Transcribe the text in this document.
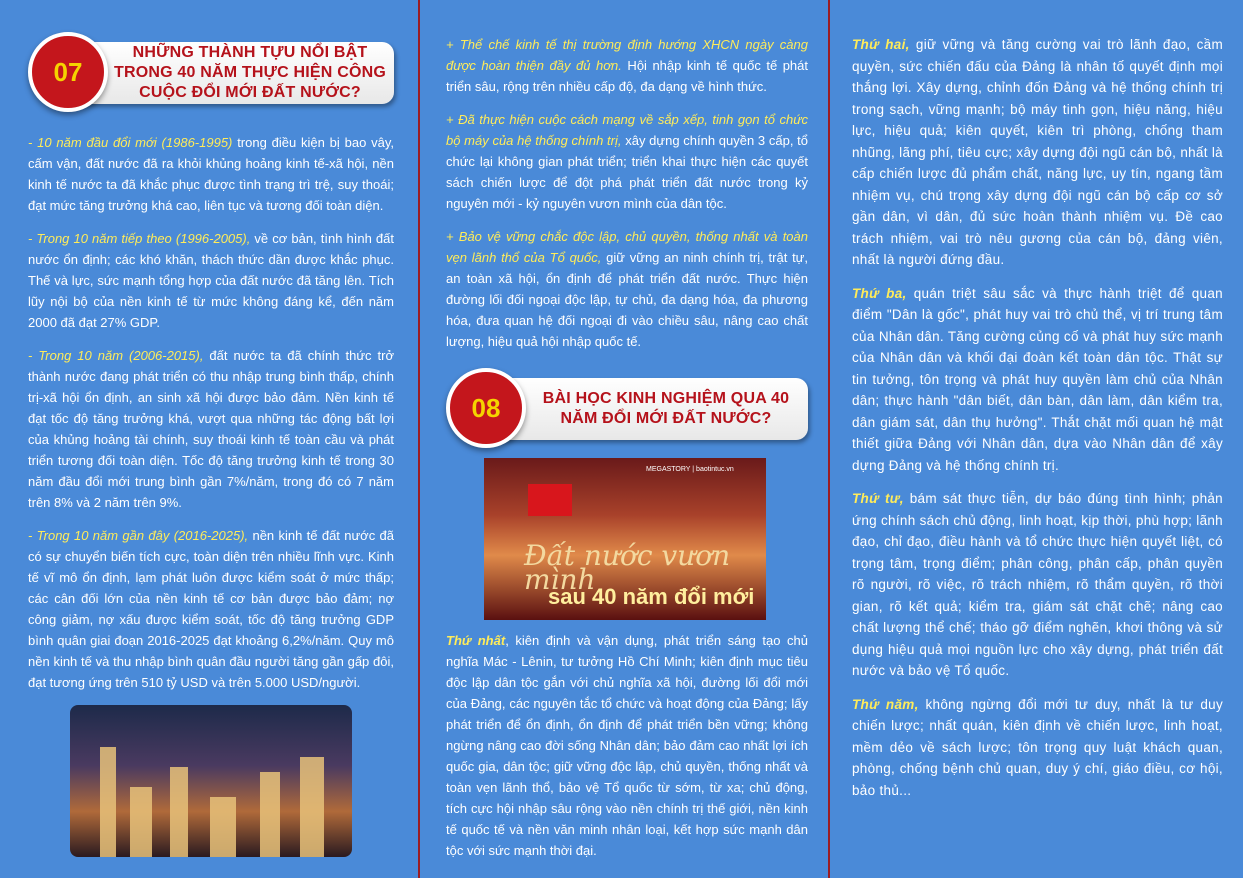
NHỮNG THÀNH TỰU NỔI BẬT TRONG 40 NĂM THỰC HIỆN CÔNG CUỘC ĐỔI MỚI ĐẤT NƯỚC?
07

- 10 năm đầu đổi mới (1986-1995) trong điều kiện bị bao vây, cấm vận, đất nước đã ra khỏi khủng hoảng kinh tế-xã hội, nền kinh tế nước ta đã khắc phục được tình trạng trì trệ, suy thoái; đạt mức tăng trưởng khá cao, liên tục và tương đối toàn diện.

- Trong 10 năm tiếp theo (1996-2005), về cơ bản, tình hình đất nước ổn định; các khó khăn, thách thức dần được khắc phục. Thế và lực, sức mạnh tổng hợp của đất nước đã tăng lên. Tích lũy nội bộ của nền kinh tế từ mức không đáng kể, đến năm 2000 đã đạt 27% GDP.

- Trong 10 năm (2006-2015), đất nước ta đã chính thức trở thành nước đang phát triển có thu nhập trung bình thấp, chính trị-xã hội ổn định, an sinh xã hội được bảo đảm. Nền kinh tế đạt tốc độ tăng trưởng khá, vượt qua những tác động bất lợi của khủng hoảng tài chính, suy thoái kinh tế toàn cầu và phát triển tương đối toàn diện. Tốc độ tăng trưởng kinh tế trong 30 năm đầu đổi mới trung bình gần 7%/năm, trong đó có 7 năm trên 8% và 2 năm trên 9%.

- Trong 10 năm gần đây (2016-2025), nền kinh tế đất nước đã có sự chuyển biến tích cực, toàn diện trên nhiều lĩnh vực. Kinh tế vĩ mô ổn định, lạm phát luôn được kiểm soát ở mức thấp; các cân đối lớn của nền kinh tế cơ bản được bảo đảm; nợ công giảm, nợ xấu được kiểm soát, tốc độ tăng trưởng GDP bình quân giai đoạn 2016-2025 đạt khoảng 6,2%/năm. Quy mô nền kinh tế và thu nhập bình quân đầu người tăng gần gấp đôi, đạt tương ứng trên 510 tỷ USD và trên 5.000 USD/người.

+ Thể chế kinh tế thị trường định hướng XHCN ngày càng được hoàn thiện đầy đủ hơn. Hội nhập kinh tế quốc tế phát triển sâu, rộng trên nhiều cấp độ, đa dạng về hình thức.

+ Đã thực hiện cuộc cách mạng về sắp xếp, tinh gọn tổ chức bộ máy của hệ thống chính trị, xây dựng chính quyền 3 cấp, tổ chức lại không gian phát triển; triển khai thực hiện các quyết sách chiến lược để đột phá phát triển đất nước trong kỷ nguyên mới - kỷ nguyên vươn mình của dân tộc.

+ Bảo vệ vững chắc độc lập, chủ quyền, thống nhất và toàn vẹn lãnh thổ của Tổ quốc, giữ vững an ninh chính trị, trật tự, an toàn xã hội, ổn định để phát triển đất nước. Thực hiện đường lối đối ngoại độc lập, tự chủ, đa dạng hóa, đa phương hóa, đưa quan hệ đối ngoại đi vào chiều sâu, nâng cao chất lượng, hiệu quả hội nhập quốc tế.

BÀI HỌC KINH NGHIỆM QUA 40 NĂM ĐỔI MỚI ĐẤT NƯỚC?
08
MEGASTORY | baotintuc.vn
Đất nước vươn mình
sau 40 năm đổi mới

Thứ nhất, kiên định và vận dụng, phát triển sáng tạo chủ nghĩa Mác - Lênin, tư tưởng Hồ Chí Minh; kiên định mục tiêu độc lập dân tộc gắn với chủ nghĩa xã hội, đường lối đổi mới của Đảng, các nguyên tắc tổ chức và hoạt động của Đảng; lấy phát triển để ổn định, ổn định để phát triển bền vững; không ngừng nâng cao đời sống Nhân dân; bảo đảm cao nhất lợi ích quốc gia, dân tộc; giữ vững độc lập, chủ quyền, thống nhất và toàn vẹn lãnh thổ, bảo vệ Tổ quốc từ sớm, từ xa; chủ động, tích cực hội nhập sâu rộng vào nền chính trị thế giới, nền kinh tế quốc tế và nền văn minh nhân loại, kết hợp sức mạnh dân tộc với sức mạnh thời đại.

Thứ hai, giữ vững và tăng cường vai trò lãnh đạo, cầm quyền, sức chiến đấu của Đảng là nhân tố quyết định mọi thắng lợi. Xây dựng, chỉnh đốn Đảng và hệ thống chính trị trong sạch, vững mạnh; bộ máy tinh gọn, hiệu năng, hiệu lực, hiệu quả; kiên quyết, kiên trì phòng, chống tham nhũng, lãng phí, tiêu cực; xây dựng đội ngũ cán bộ, nhất là cấp chiến lược đủ phẩm chất, năng lực, uy tín, ngang tầm nhiệm vụ, chú trọng xây dựng đội ngũ cán bộ cấp cơ sở gần dân, vì dân, đủ sức hoàn thành nhiệm vụ. Đề cao trách nhiệm, vai trò nêu gương của cán bộ, đảng viên, nhất là người đứng đầu.

Thứ ba, quán triệt sâu sắc và thực hành triệt để quan điểm "Dân là gốc", phát huy vai trò chủ thể, vị trí trung tâm của Nhân dân. Tăng cường củng cố và phát huy sức mạnh của Nhân dân và khối đại đoàn kết toàn dân tộc. Thật sự tin tưởng, tôn trọng và phát huy quyền làm chủ của Nhân dân; thực hành "dân biết, dân bàn, dân làm, dân kiểm tra, dân giám sát, dân thụ hưởng". Thắt chặt mối quan hệ mật thiết giữa Đảng với Nhân dân, dựa vào Nhân dân để xây dựng Đảng và hệ thống chính trị.

Thứ tư, bám sát thực tiễn, dự báo đúng tình hình; phản ứng chính sách chủ động, linh hoạt, kịp thời, phù hợp; lãnh đạo, chỉ đạo, điều hành và tổ chức thực hiện quyết liệt, có trọng tâm, trọng điểm; phân công, phân cấp, phân quyền rõ người, rõ việc, rõ trách nhiệm, rõ thẩm quyền, rõ thời gian, rõ kết quả; kiểm tra, giám sát chặt chẽ; nâng cao chất lượng thể chế; tháo gỡ điểm nghẽn, khơi thông và sử dụng hiệu quả mọi nguồn lực cho xây dựng, phát triển đất nước và bảo vệ Tổ quốc.

Thứ năm, không ngừng đổi mới tư duy, nhất là tư duy chiến lược; nhất quán, kiên định về chiến lược, linh hoạt, mềm dẻo về sách lược; tôn trọng quy luật khách quan, phòng, chống bệnh chủ quan, duy ý chí, giáo điều, cơ hội, bảo thủ...
